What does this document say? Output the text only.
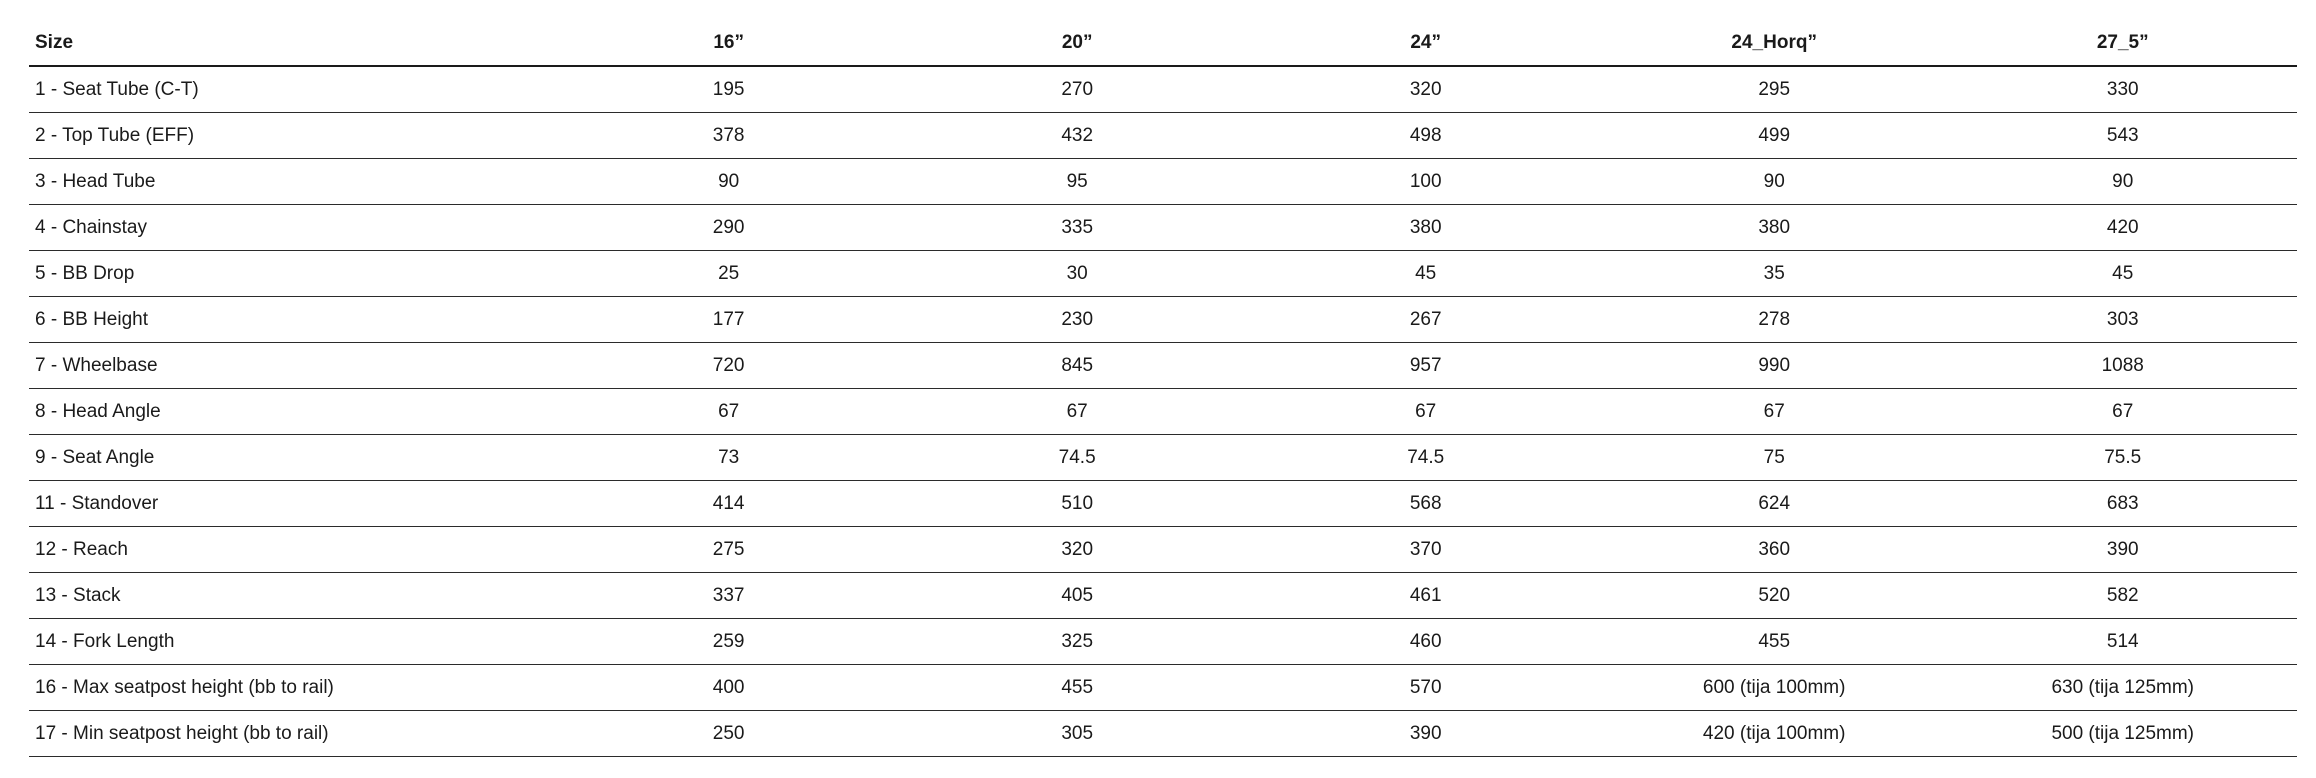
Size	16”	20”	24”	24_Horq”	27_5”
1 - Seat Tube (C-T)	195	270	320	295	330
2 - Top Tube (EFF)	378	432	498	499	543
3 - Head Tube	90	95	100	90	90
4 - Chainstay	290	335	380	380	420
5 - BB Drop	25	30	45	35	45
6 - BB Height	177	230	267	278	303
7 - Wheelbase	720	845	957	990	1088
8 - Head Angle	67	67	67	67	67
9 - Seat Angle	73	74.5	74.5	75	75.5
11 - Standover	414	510	568	624	683
12 - Reach	275	320	370	360	390
13 - Stack	337	405	461	520	582
14 - Fork Length	259	325	460	455	514
16 - Max seatpost height (bb to rail)	400	455	570	600 (tija 100mm)	630 (tija 125mm)
17 - Min seatpost height (bb to rail)	250	305	390	420 (tija 100mm)	500 (tija 125mm)
